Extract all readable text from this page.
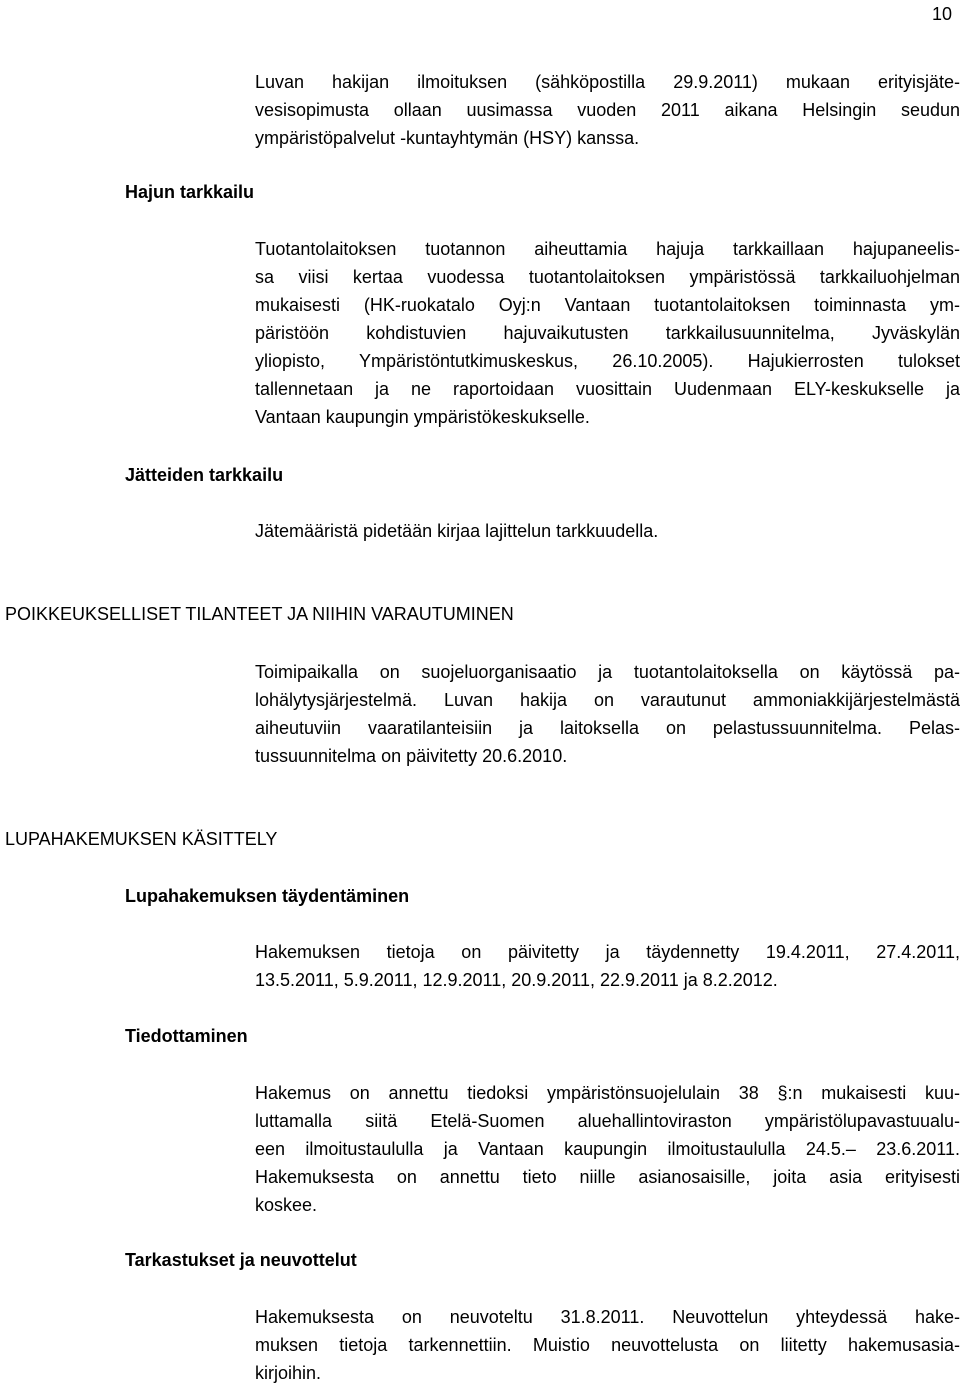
10
Luvan hakijan ilmoituksen (sähköpostilla 29.9.2011) mukaan erityisjäte-
vesisopimusta ollaan uusimassa vuoden 2011 aikana Helsingin seudun
ympäristöpalvelut -kuntayhtymän (HSY) kanssa.
Hajun tarkkailu
Tuotantolaitoksen tuotannon aiheuttamia hajuja tarkkaillaan hajupaneelis-
sa viisi kertaa vuodessa tuotantolaitoksen ympäristössä tarkkailuohjelman
mukaisesti (HK-ruokatalo Oyj:n Vantaan tuotantolaitoksen toiminnasta ym-
päristöön kohdistuvien hajuvaikutusten tarkkailusuunnitelma, Jyväskylän
yliopisto, Ympäristöntutkimuskeskus, 26.10.2005). Hajukierrosten tulokset
tallennetaan ja ne raportoidaan vuosittain Uudenmaan ELY-keskukselle ja
Vantaan kaupungin ympäristökeskukselle.
Jätteiden tarkkailu
Jätemääristä pidetään kirjaa lajittelun tarkkuudella.
POIKKEUKSELLISET TILANTEET JA NIIHIN VARAUTUMINEN
Toimipaikalla on suojeluorganisaatio ja tuotantolaitoksella on käytössä pa-
lohälytysjärjestelmä. Luvan hakija on varautunut ammoniakkijärjestelmästä
aiheutuviin vaaratilanteisiin ja laitoksella on pelastussuunnitelma. Pelas-
tussuunnitelma on päivitetty 20.6.2010.
LUPAHAKEMUKSEN KÄSITTELY
Lupahakemuksen täydentäminen
Hakemuksen tietoja on päivitetty ja täydennetty 19.4.2011, 27.4.2011,
13.5.2011, 5.9.2011, 12.9.2011, 20.9.2011, 22.9.2011 ja 8.2.2012.
Tiedottaminen
Hakemus on annettu tiedoksi ympäristönsuojelulain 38 §:n mukaisesti kuu-
luttamalla siitä Etelä-Suomen aluehallintoviraston ympäristölupavastuualu-
een ilmoitustaululla ja Vantaan kaupungin ilmoitustaululla 24.5.– 23.6.2011.
Hakemuksesta on annettu tieto niille asianosaisille, joita asia erityisesti
koskee.
Tarkastukset ja neuvottelut
Hakemuksesta on neuvoteltu 31.8.2011. Neuvottelun yhteydessä hake-
muksen tietoja tarkennettiin. Muistio neuvottelusta on liitetty hakemusasia-
kirjoihin.
